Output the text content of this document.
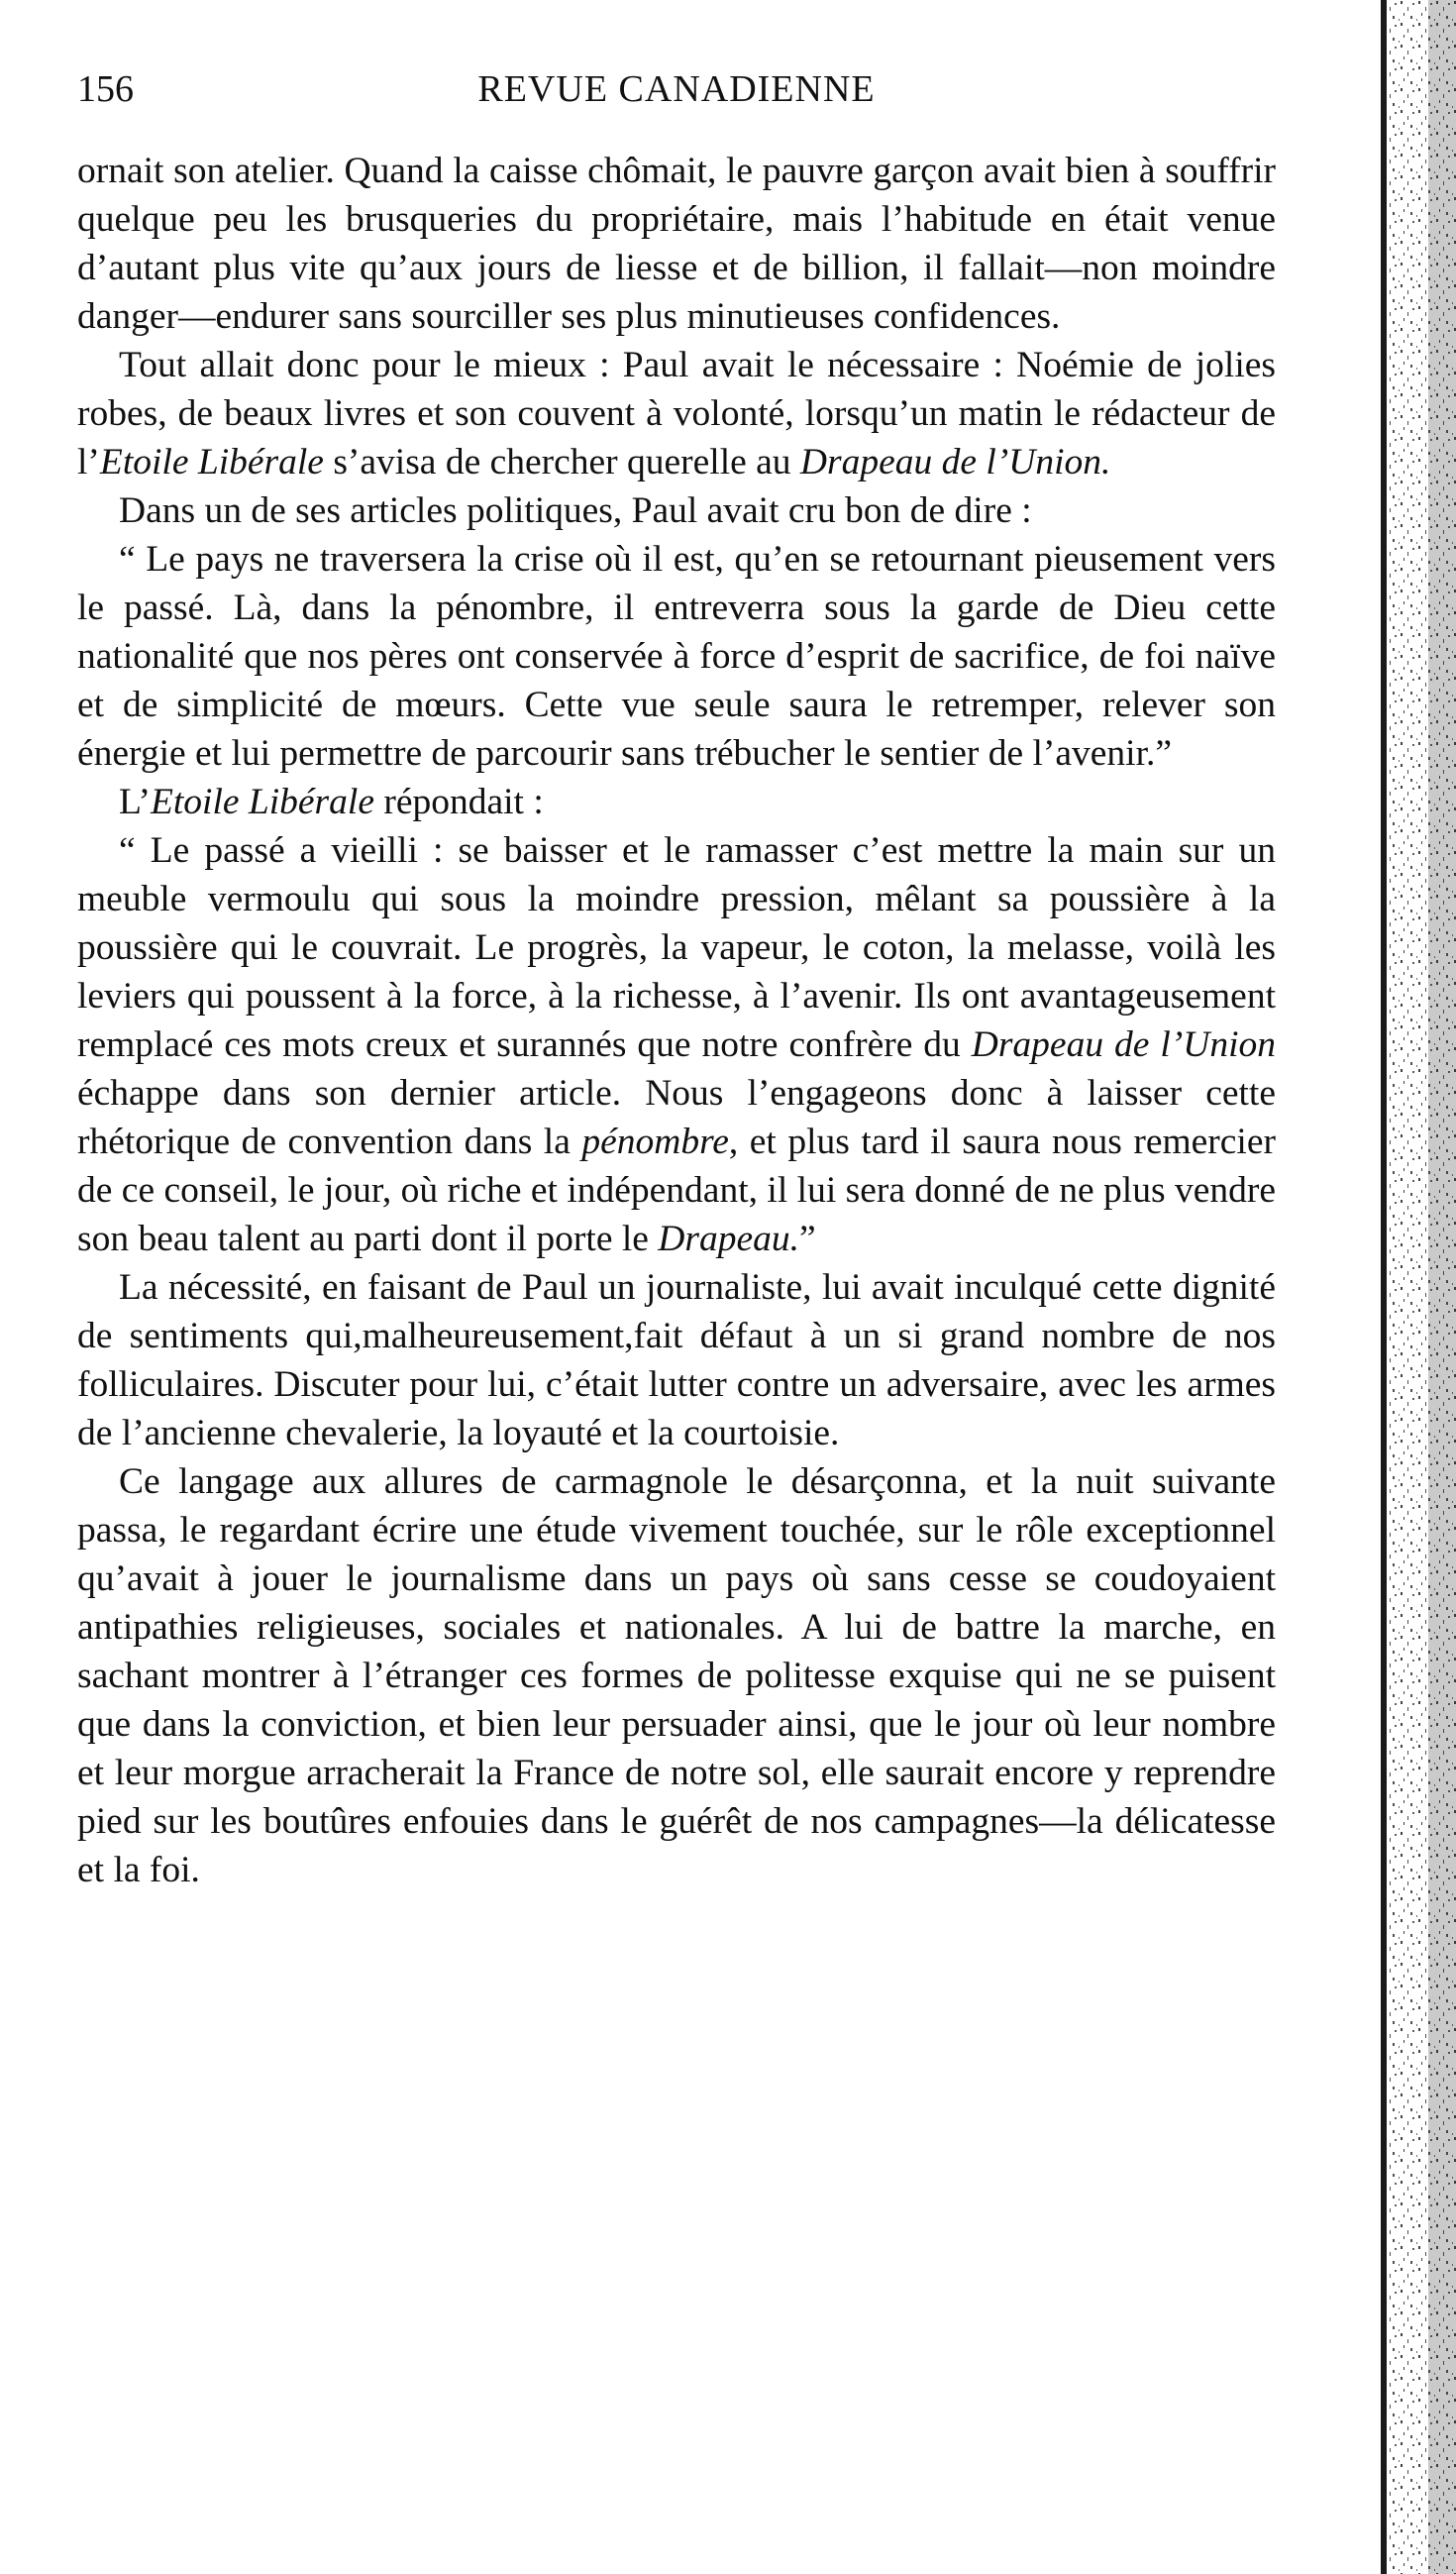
156	REVUE CANADIENNE

ornait son atelier. Quand la caisse chômait, le pauvre garçon avait bien à souffrir quelque peu les brusqueries du propriétaire, mais l’habitude en était venue d’autant plus vite qu’aux jours de liesse et de billion, il fallait—non moindre danger—endurer sans sourciller ses plus minutieuses confidences.

Tout allait donc pour le mieux : Paul avait le nécessaire : Noémie de jolies robes, de beaux livres et son couvent à volonté, lorsqu’un matin le rédacteur de l’Etoile Libérale s’avisa de chercher querelle au Drapeau de l’Union.

Dans un de ses articles politiques, Paul avait cru bon de dire :

“ Le pays ne traversera la crise où il est, qu’en se retournant pieusement vers le passé. Là, dans la pénombre, il entreverra sous la garde de Dieu cette nationalité que nos pères ont conservée à force d’esprit de sacrifice, de foi naïve et de simplicité de mœurs. Cette vue seule saura le retremper, relever son énergie et lui permettre de parcourir sans trébucher le sentier de l’avenir.”

L’Etoile Libérale répondait :

“ Le passé a vieilli : se baisser et le ramasser c’est mettre la main sur un meuble vermoulu qui sous la moindre pression, mêlant sa poussière à la poussière qui le couvrait. Le progrès, la vapeur, le coton, la melasse, voilà les leviers qui poussent à la force, à la richesse, à l’avenir. Ils ont avantageusement remplacé ces mots creux et surannés que notre confrère du Drapeau de l’Union échappe dans son dernier article. Nous l’engageons donc à laisser cette rhétorique de convention dans la pénombre, et plus tard il saura nous remercier de ce conseil, le jour, où riche et indépendant, il lui sera donné de ne plus vendre son beau talent au parti dont il porte le Drapeau.”

La nécessité, en faisant de Paul un journaliste, lui avait inculqué cette dignité de sentiments qui,malheureusement,fait défaut à un si grand nombre de nos folliculaires. Discuter pour lui, c’était lutter contre un adversaire, avec les armes de l’ancienne chevalerie, la loyauté et la courtoisie.

Ce langage aux allures de carmagnole le désarçonna, et la nuit suivante passa, le regardant écrire une étude vivement touchée, sur le rôle exceptionnel qu’avait à jouer le journalisme dans un pays où sans cesse se coudoyaient antipathies religieuses, sociales et nationales. A lui de battre la marche, en sachant montrer à l’étranger ces formes de politesse exquise qui ne se puisent que dans la conviction, et bien leur persuader ainsi, que le jour où leur nombre et leur morgue arracherait la France de notre sol, elle saurait encore y reprendre pied sur les boutûres enfouies dans le guérêt de nos campagnes—la délicatesse et la foi.
